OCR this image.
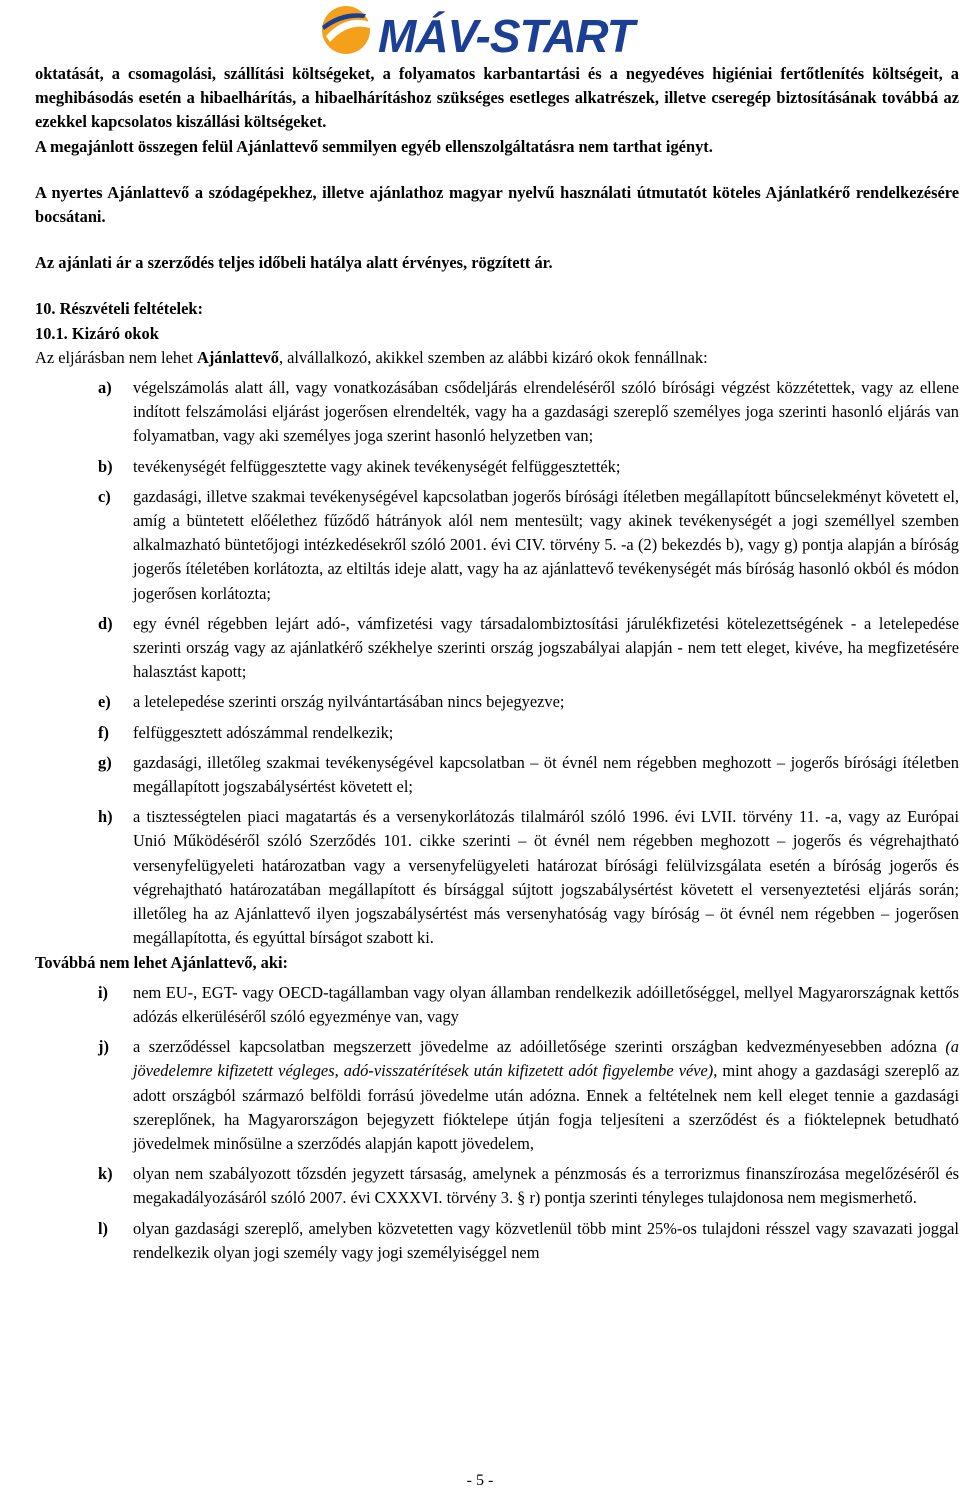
MÁV-START

oktatását, a csomagolási, szállítási költségeket, a folyamatos karbantartási és a negyedéves higiéniai fertőtlenítés költségeit, a meghibásodás esetén a hibaelhárítás, a hibaelhárításhoz szükséges esetleges alkatrészek, illetve cseregép biztosításának továbbá az ezekkel kapcsolatos kiszállási költségeket.

A megajánlott összegen felül Ajánlattevő semmilyen egyéb ellenszolgáltatásra nem tarthat igényt.

A nyertes Ajánlattevő a szódagépekhez, illetve ajánlathoz magyar nyelvű használati útmutatót köteles Ajánlatkérő rendelkezésére bocsátani.

Az ajánlati ár a szerződés teljes időbeli hatálya alatt érvényes, rögzített ár.

10. Részvételi feltételek:

10.1. Kizáró okok

Az eljárásban nem lehet Ajánlattevő, alvállalkozó, akikkel szemben az alábbi kizáró okok fennállnak:

a)	végelszámolás alatt áll, vagy vonatkozásában csődeljárás elrendeléséről szóló bírósági végzést közzétettek, vagy az ellene indított felszámolási eljárást jogerősen elrendelték, vagy ha a gazdasági szereplő személyes joga szerinti hasonló eljárás van folyamatban, vagy aki személyes joga szerint hasonló helyzetben van;
b)	tevékenységét felfüggesztette vagy akinek tevékenységét felfüggesztették;
c)	gazdasági, illetve szakmai tevékenységével kapcsolatban jogerős bírósági ítéletben megállapított bűncselekményt követett el, amíg a büntetett előélethez fűződő hátrányok alól nem mentesült; vagy akinek tevékenységét a jogi személlyel szemben alkalmazható büntetőjogi intézkedésekről szóló 2001. évi CIV. törvény 5. -a (2) bekezdés b), vagy g) pontja alapján a bíróság jogerős ítéletében korlátozta, az eltiltás ideje alatt, vagy ha az ajánlattevő tevékenységét más bíróság hasonló okból és módon jogerősen korlátozta;
d)	egy évnél régebben lejárt adó-, vámfizetési vagy társadalombiztosítási járulékfizetési kötelezettségének - a letelepedése szerinti ország vagy az ajánlatkérő székhelye szerinti ország jogszabályai alapján - nem tett eleget, kivéve, ha megfizetésére halasztást kapott;
e)	a letelepedése szerinti ország nyilvántartásában nincs bejegyezve;
f)	felfüggesztett adószámmal rendelkezik;
g)	gazdasági, illetőleg szakmai tevékenységével kapcsolatban – öt évnél nem régebben meghozott – jogerős bírósági ítéletben megállapított jogszabálysértést követett el;
h)	a tisztességtelen piaci magatartás és a versenykorlátozás tilalmáról szóló 1996. évi LVII. törvény 11. -a, vagy az Európai Unió Működéséről szóló Szerződés 101. cikke szerinti – öt évnél nem régebben meghozott – jogerős és végrehajtható versenyfelügyeleti határozatban vagy a versenyfelügyeleti határozat bírósági felülvizsgálata esetén a bíróság jogerős és végrehajtható határozatában megállapított és bírsággal sújtott jogszabálysértést követett el versenyeztetési eljárás során; illetőleg ha az Ajánlattevő ilyen jogszabálysértést más versenyhatóság vagy bíróság – öt évnél nem régebben – jogerősen megállapította, és egyúttal bírságot szabott ki.

Továbbá nem lehet Ajánlattevő, aki:

i)	nem EU-, EGT- vagy OECD-tagállamban vagy olyan államban rendelkezik adóilletőséggel, mellyel Magyarországnak kettős adózás elkerüléséről szóló egyezménye van, vagy
j)	a szerződéssel kapcsolatban megszerzett jövedelme az adóilletősége szerinti országban kedvezményesebben adózna (a jövedelemre kifizetett végleges, adó-visszatérítések után kifizetett adót figyelembe véve), mint ahogy a gazdasági szereplő az adott országból származó belföldi forrású jövedelme után adózna. Ennek a feltételnek nem kell eleget tennie a gazdasági szereplőnek, ha Magyarországon bejegyzett fióktelepe útján fogja teljesíteni a szerződést és a fióktelepnek betudható jövedelmek minősülne a szerződés alapján kapott jövedelem,
k)	olyan nem szabályozott tőzsdén jegyzett társaság, amelynek a pénzmosás és a terrorizmus finanszírozása megelőzéséről és megakadályozásáról szóló 2007. évi CXXXVI. törvény 3. § r) pontja szerinti tényleges tulajdonosa nem megismerhető.
l)	olyan gazdasági szereplő, amelyben közvetetten vagy közvetlenül több mint 25%-os tulajdoni résszel vagy szavazati joggal rendelkezik olyan jogi személy vagy jogi személyiséggel nem
- 5 -
